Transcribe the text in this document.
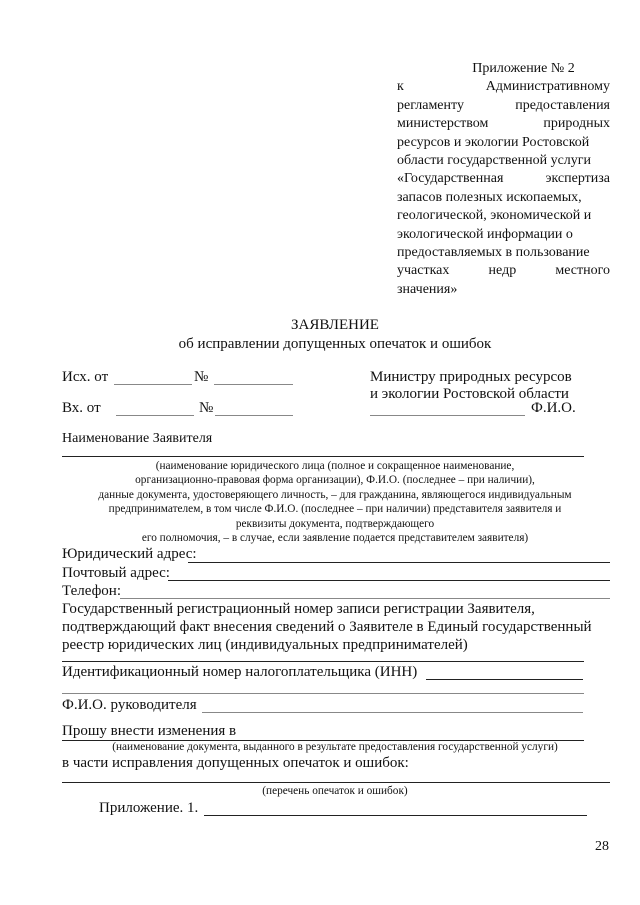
Приложение № 2
к	Административному
регламенту	предоставления
министерством	природных
ресурсов и экологии Ростовской
области государственной услуги
«Государственная	экспертиза
запасов полезных ископаемых,
геологической, экономической и
экологической информации о
предоставляемых в пользование
участках	недр	местного
значения»
ЗАЯВЛЕНИЕ
об исправлении допущенных опечаток и ошибок
Исх. от	№
Вх. от	№
Министру природных ресурсов
и экологии Ростовской области
Ф.И.О.
Наименование Заявителя
(наименование юридического лица (полное и сокращенное наименование,
организационно-правовая форма организации), Ф.И.О. (последнее – при наличии),
данные документа, удостоверяющего личность, – для гражданина, являющегося индивидуальным
предпринимателем, в том числе Ф.И.О. (последнее – при наличии) представителя заявителя и
реквизиты документа, подтверждающего
его полномочия, – в случае, если заявление подается представителем заявителя)
Юридический адрес:
Почтовый адрес:
Телефон:
Государственный регистрационный номер записи регистрации Заявителя,
подтверждающий факт внесения сведений о Заявителе в Единый государственный
реестр юридических лиц (индивидуальных предпринимателей)
Идентификационный номер налогоплательщика (ИНН)
Ф.И.О. руководителя
Прошу внести изменения в
(наименование документа, выданного в результате предоставления государственной услуги)
в части исправления допущенных опечаток и ошибок:
(перечень опечаток и ошибок)
Приложение. 1.
28
